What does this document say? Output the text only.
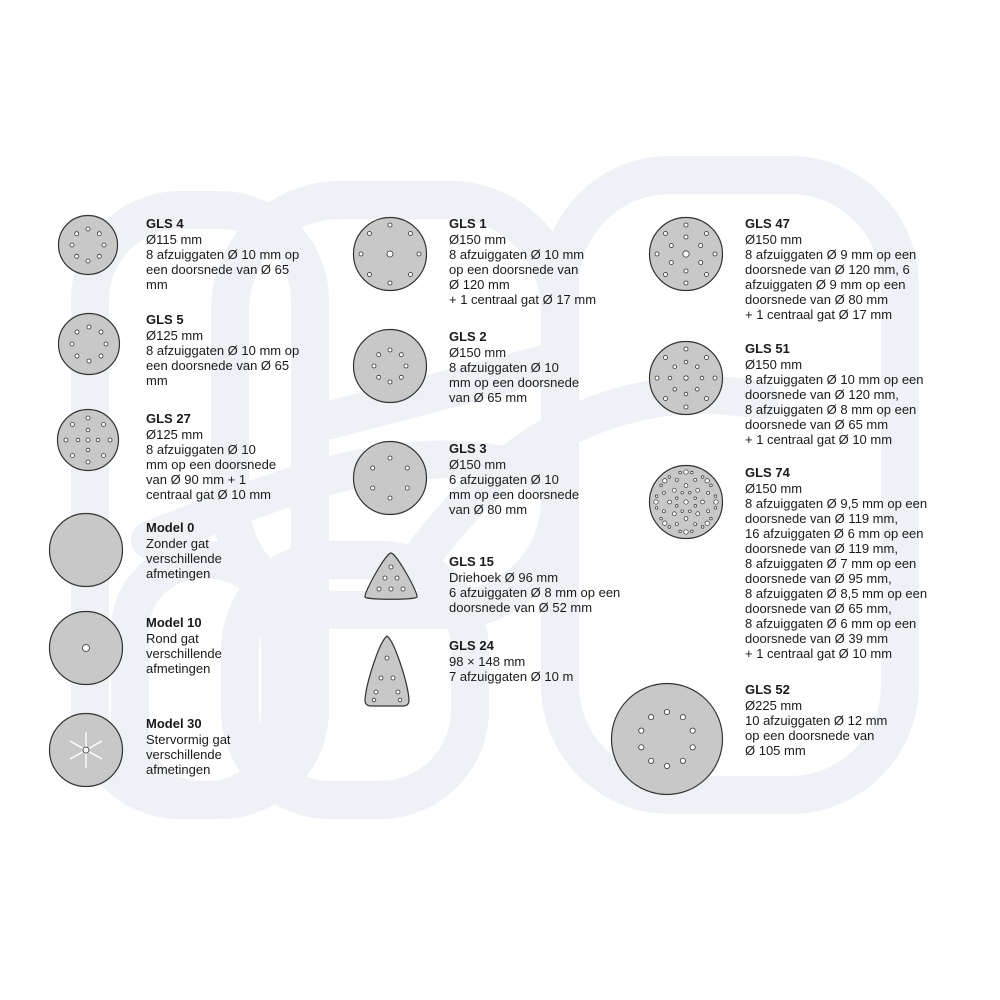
GLS 4
Ø115 mm
8 afzuiggaten Ø 10 mm op
een doorsnede van Ø 65
mm
GLS 5
Ø125 mm
8 afzuiggaten Ø 10 mm op
een doorsnede van Ø 65
mm
GLS 27
Ø125 mm
8 afzuiggaten Ø 10
mm op een doorsnede
van Ø 90 mm + 1
centraal gat Ø 10 mm
Model 0
Zonder gat
verschillende
afmetingen
Model 10
Rond gat
verschillende
afmetingen
Model 30
Stervormig gat
verschillende
afmetingen
GLS 1
Ø150 mm
8 afzuiggaten Ø 10 mm
op een doorsnede van
Ø 120 mm
+ 1 centraal gat Ø 17 mm
GLS 2
Ø150 mm
8 afzuiggaten Ø 10
mm op een doorsnede
van Ø 65 mm
GLS 3
Ø150 mm
6 afzuiggaten Ø 10
mm op een doorsnede
van Ø 80 mm
GLS 15
Driehoek Ø 96 mm
6 afzuiggaten Ø 8 mm op een
doorsnede van Ø 52 mm
GLS 24
98 × 148 mm
7 afzuiggaten Ø 10 m
GLS 47
Ø150 mm
8 afzuiggaten Ø 9 mm op een
doorsnede van Ø 120 mm, 6
afzuiggaten Ø 9 mm op een
doorsnede van Ø 80 mm
+ 1 centraal gat Ø 17 mm
GLS 51
Ø150 mm
8 afzuiggaten Ø 10 mm op een
doorsnede van Ø 120 mm,
8 afzuiggaten Ø 8 mm op een
doorsnede van Ø 65 mm
+ 1 centraal gat Ø 10 mm
GLS 74
Ø150 mm
8 afzuiggaten Ø 9,5 mm op een
doorsnede van Ø 119 mm,
16 afzuiggaten Ø 6 mm op een
doorsnede van Ø 119 mm,
8 afzuiggaten Ø 7 mm op een
doorsnede van Ø 95 mm,
8 afzuiggaten Ø 8,5 mm op een
doorsnede van Ø 65 mm,
8 afzuiggaten Ø 6 mm op een
doorsnede van Ø 39 mm
+ 1 centraal gat Ø 10 mm
GLS 52
Ø225 mm
10 afzuiggaten Ø 12 mm
op een doorsnede van
Ø 105 mm
